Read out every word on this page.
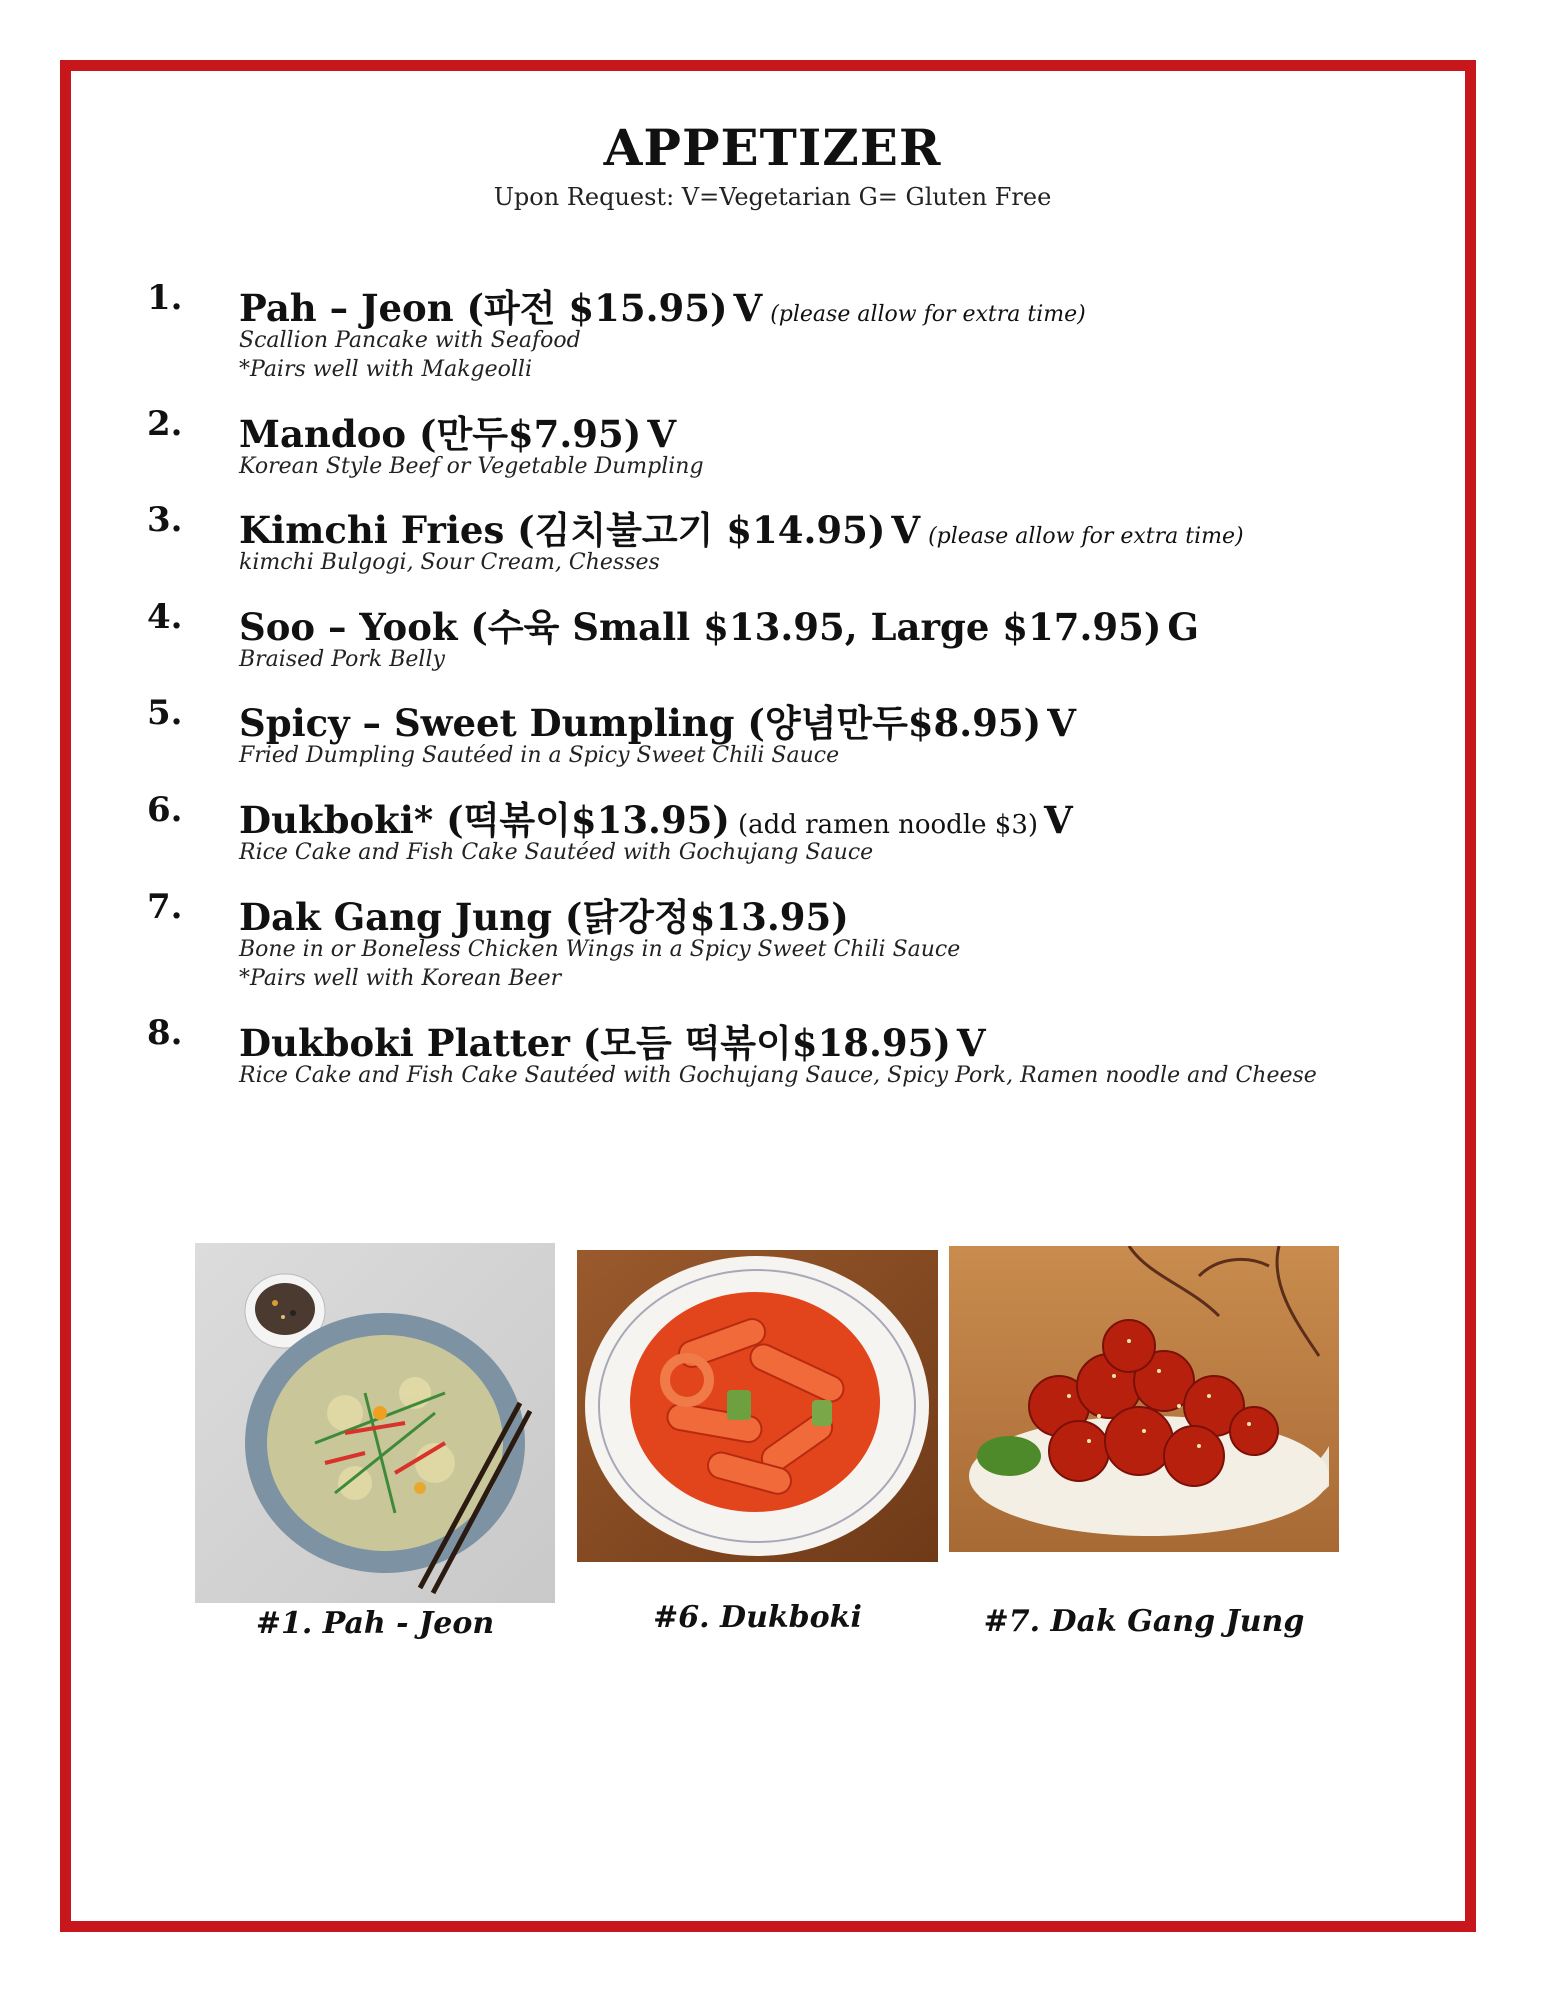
APPETIZER
Upon Request: V=Vegetarian G= Gluten Free
1. Pah – Jeon (파전 $15.95) V (please allow for extra time)
Scallion Pancake with Seafood
*Pairs well with Makgeolli
2. Mandoo (만두$7.95) V
Korean Style Beef or Vegetable Dumpling
3. Kimchi Fries (김치불고기 $14.95) V (please allow for extra time)
kimchi Bulgogi, Sour Cream, Chesses
4. Soo – Yook (수육 Small $13.95, Large $17.95) G
Braised Pork Belly
5. Spicy – Sweet Dumpling (양념만두$8.95) V
Fried Dumpling Sautéed in a Spicy Sweet Chili Sauce
6. Dukboki* (떡볶이$13.95) (add ramen noodle $3) V
Rice Cake and Fish Cake Sautéed with Gochujang Sauce
7. Dak Gang Jung (닭강정$13.95)
Bone in or Boneless Chicken Wings in a Spicy Sweet Chili Sauce
*Pairs well with Korean Beer
8. Dukboki Platter (모듬 떡볶이$18.95) V
Rice Cake and Fish Cake Sautéed with Gochujang Sauce, Spicy Pork, Ramen noodle and Cheese
#1. Pah - Jeon	#6. Dukboki	#7. Dak Gang Jung
